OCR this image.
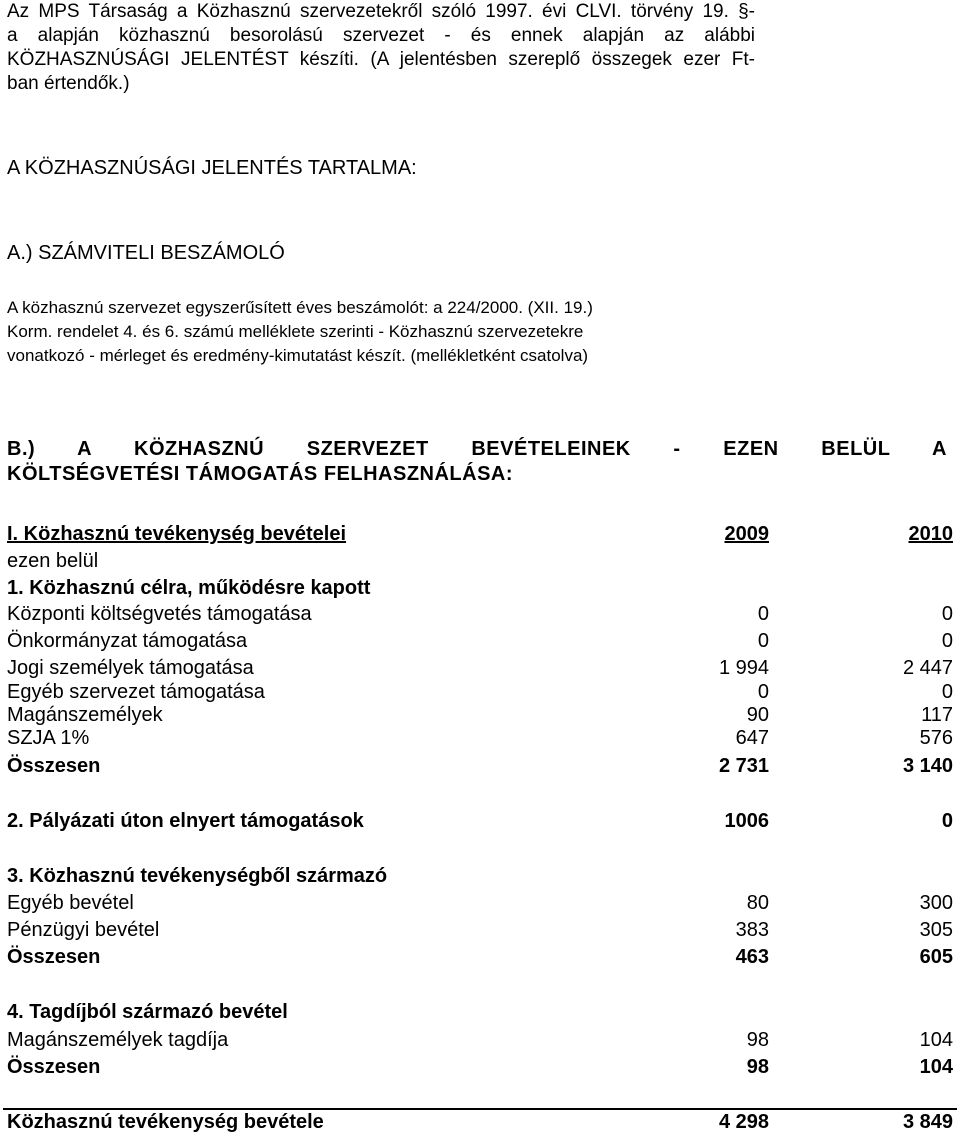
Az MPS Társaság a Közhasznú szervezetekről szóló 1997. évi CLVI. törvény 19. §-

a alapján közhasznú besorolású szervezet - és ennek alapján az alábbi

KÖZHASZNÚSÁGI JELENTÉST készíti. (A jelentésben szereplő összegek ezer Ft-

ban értendők.)

A KÖZHASZNÚSÁGI JELENTÉS TARTALMA:
A.) SZÁMVITELI BESZÁMOLÓ
A közhasznú szervezet egyszerűsített éves beszámolót: a 224/2000. (XII. 19.)
Korm. rendelet 4. és 6. számú melléklete szerinti - Közhasznú szervezetekre
vonatkozó - mérleget és eredmény-kimutatást készít. (mellékletként csatolva)
B.) A KÖZHASZNÚ SZERVEZET BEVÉTELEINEK - EZEN BELÜL A
KÖLTSÉGVETÉSI TÁMOGATÁS FELHASZNÁLÁSA:
I. Közhasznú tevékenység bevételei	2009	2010
ezen belül
1. Közhasznú célra, működésre kapott
Központi költségvetés támogatása	0	0
Önkormányzat támogatása	0	0
Jogi személyek támogatása	1 994	2 447
Egyéb szervezet támogatása	0	0
Magánszemélyek	90	117
SZJA 1%	647	576
Összesen	2 731	3 140
2. Pályázati úton elnyert támogatások	1006	0
3. Közhasznú tevékenységből származó
Egyéb bevétel	80	300
Pénzügyi bevétel	383	305
Összesen	463	605
4. Tagdíjból származó bevétel
Magánszemélyek tagdíja	98	104
Összesen	98	104
Közhasznú tevékenység bevétele	4 298	3 849
